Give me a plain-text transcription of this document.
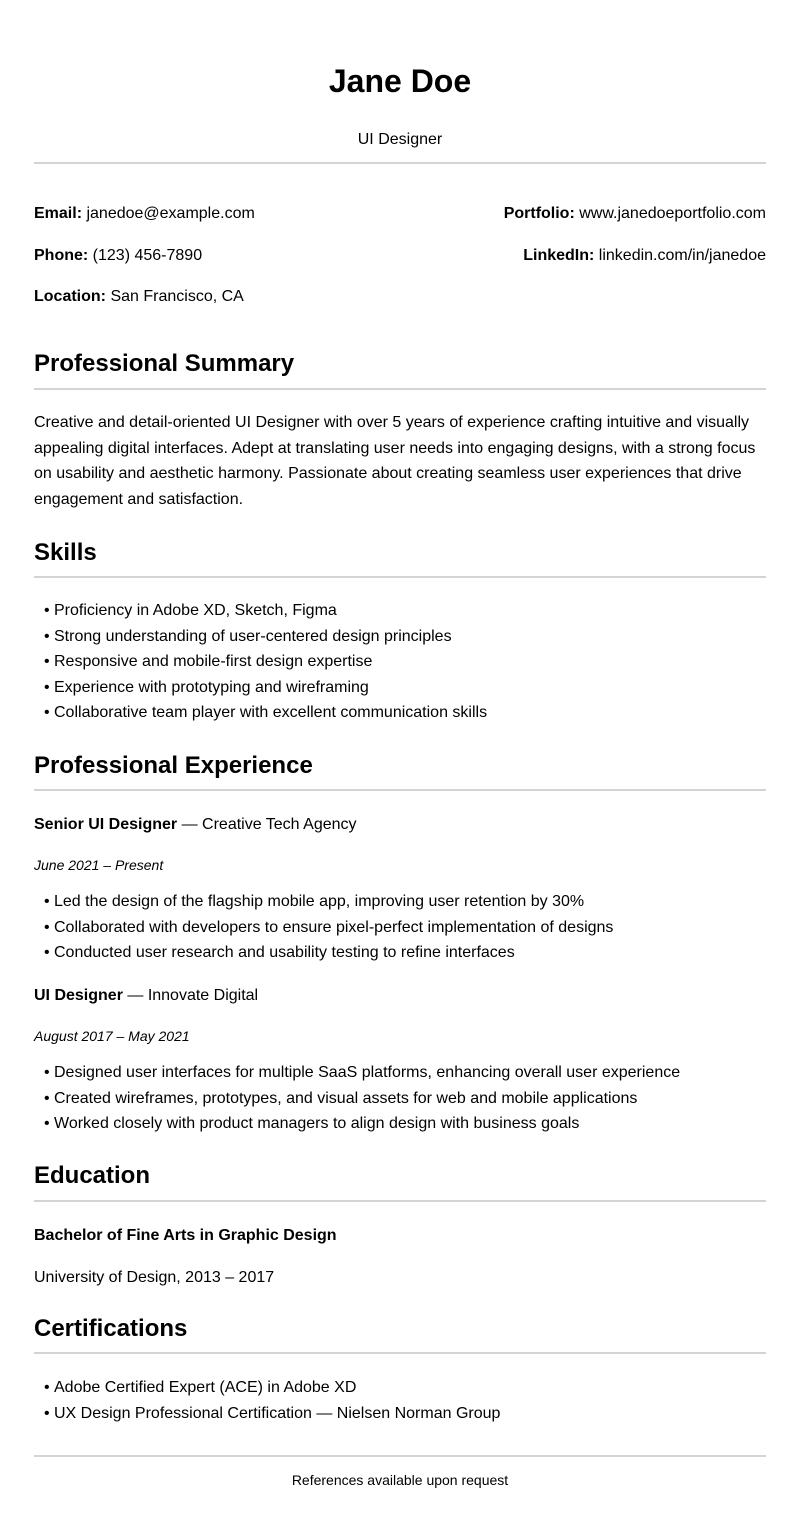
Jane Doe
UI Designer
Email: janedoe@example.com	Portfolio: www.janedoeportfolio.com
Phone: (123) 456-7890	LinkedIn: linkedin.com/in/janedoe
Location: San Francisco, CA
Professional Summary
Creative and detail-oriented UI Designer with over 5 years of experience crafting intuitive and visually appealing digital interfaces. Adept at translating user needs into engaging designs, with a strong focus on usability and aesthetic harmony. Passionate about creating seamless user experiences that drive engagement and satisfaction.
Skills
• Proficiency in Adobe XD, Sketch, Figma
• Strong understanding of user-centered design principles
• Responsive and mobile-first design expertise
• Experience with prototyping and wireframing
• Collaborative team player with excellent communication skills
Professional Experience
Senior UI Designer — Creative Tech Agency
June 2021 – Present
• Led the design of the flagship mobile app, improving user retention by 30%
• Collaborated with developers to ensure pixel-perfect implementation of designs
• Conducted user research and usability testing to refine interfaces
UI Designer — Innovate Digital
August 2017 – May 2021
• Designed user interfaces for multiple SaaS platforms, enhancing overall user experience
• Created wireframes, prototypes, and visual assets for web and mobile applications
• Worked closely with product managers to align design with business goals
Education
Bachelor of Fine Arts in Graphic Design
University of Design, 2013 – 2017
Certifications
• Adobe Certified Expert (ACE) in Adobe XD
• UX Design Professional Certification — Nielsen Norman Group
References available upon request
